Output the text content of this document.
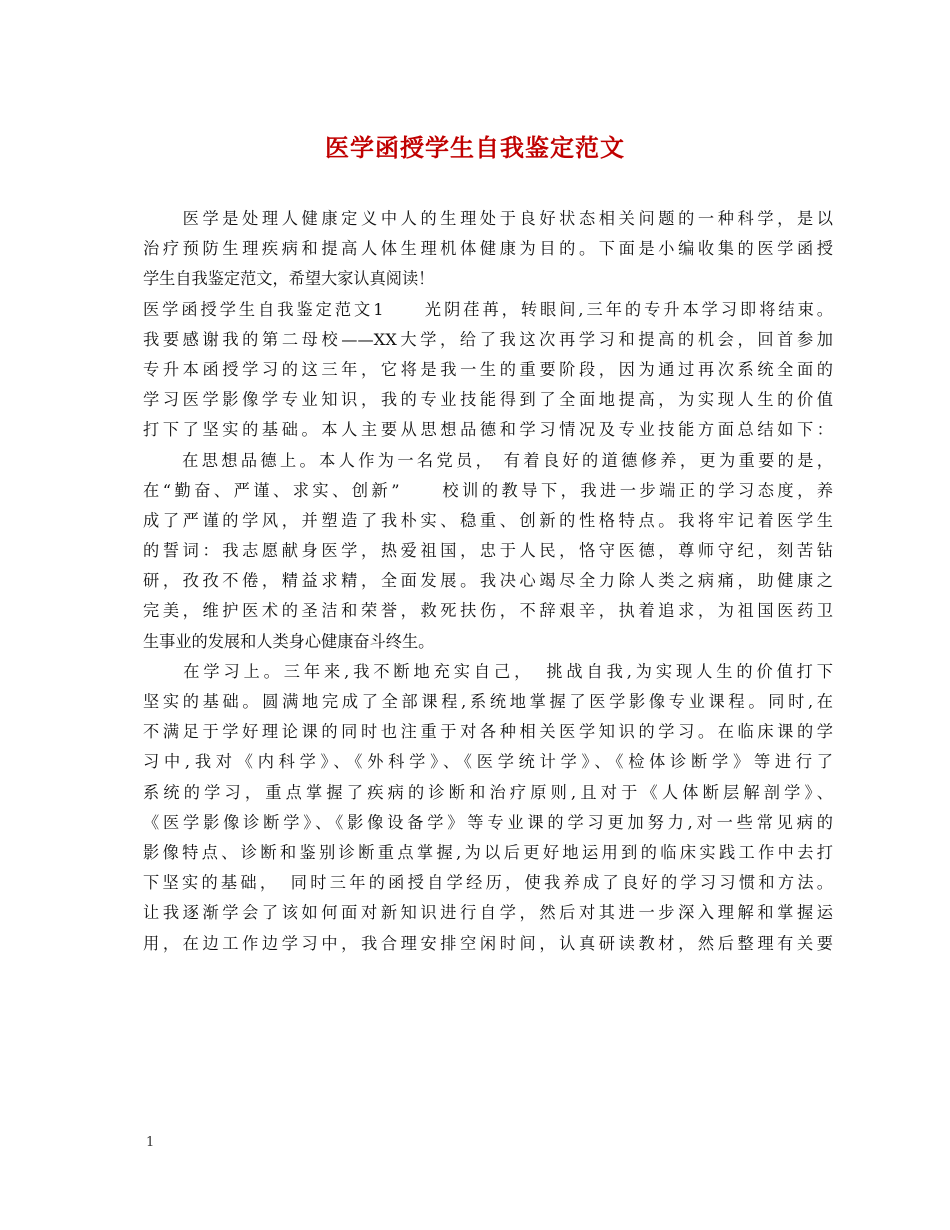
医学函授学生自我鉴定范文
　　医学是处理人健康定义中人的生理处于良好状态相关问题的一种科学，是以
治疗预防生理疾病和提高人体生理机体健康为目的。下面是小编收集的医学函授
学生自我鉴定范文，希望大家认真阅读！
医学函授学生自我鉴定范文1　　光阴荏苒，转眼间,三年的专升本学习即将结束。
我要感谢我的第二母校——XX大学，给了我这次再学习和提高的机会，回首参加
专升本函授学习的这三年，它将是我一生的重要阶段，因为通过再次系统全面的
学习医学影像学专业知识，我的专业技能得到了全面地提高，为实现人生的价值
打下了坚实的基础。本人主要从思想品德和学习情况及专业技能方面总结如下：
　　在思想品德上。本人作为一名党员， 有着良好的道德修养，更为重要的是，
在“勤奋、严谨、求实、创新”　　校训的教导下，我进一步端正的学习态度，养
成了严谨的学风，并塑造了我朴实、稳重、创新的性格特点。我将牢记着医学生
的誓词：我志愿献身医学，热爱祖国，忠于人民，恪守医德，尊师守纪，刻苦钻
研，孜孜不倦，精益求精，全面发展。我决心竭尽全力除人类之病痛，助健康之
完美，维护医术的圣洁和荣誉，救死扶伤，不辞艰辛，执着追求，为祖国医药卫
生事业的发展和人类身心健康奋斗终生。
　　在学习上。三年来,我不断地充实自己，　挑战自我,为实现人生的价值打下
坚实的基础。圆满地完成了全部课程,系统地掌握了医学影像专业课程。同时,在
不满足于学好理论课的同时也注重于对各种相关医学知识的学习。在临床课的学
习中,我对《内科学》、《外科学》、《医学统计学》、《检体诊断学》等进行了
系统的学习，重点掌握了疾病的诊断和治疗原则,且对于《人体断层解剖学》、
《医学影像诊断学》、《影像设备学》等专业课的学习更加努力,对一些常见病的
影像特点、诊断和鉴别诊断重点掌握,为以后更好地运用到的临床实践工作中去打
下坚实的基础，　同时三年的函授自学经历，使我养成了良好的学习习惯和方法。
让我逐渐学会了该如何面对新知识进行自学，然后对其进一步深入理解和掌握运
用，在边工作边学习中，我合理安排空闲时间，认真研读教材，然后整理有关要
1
